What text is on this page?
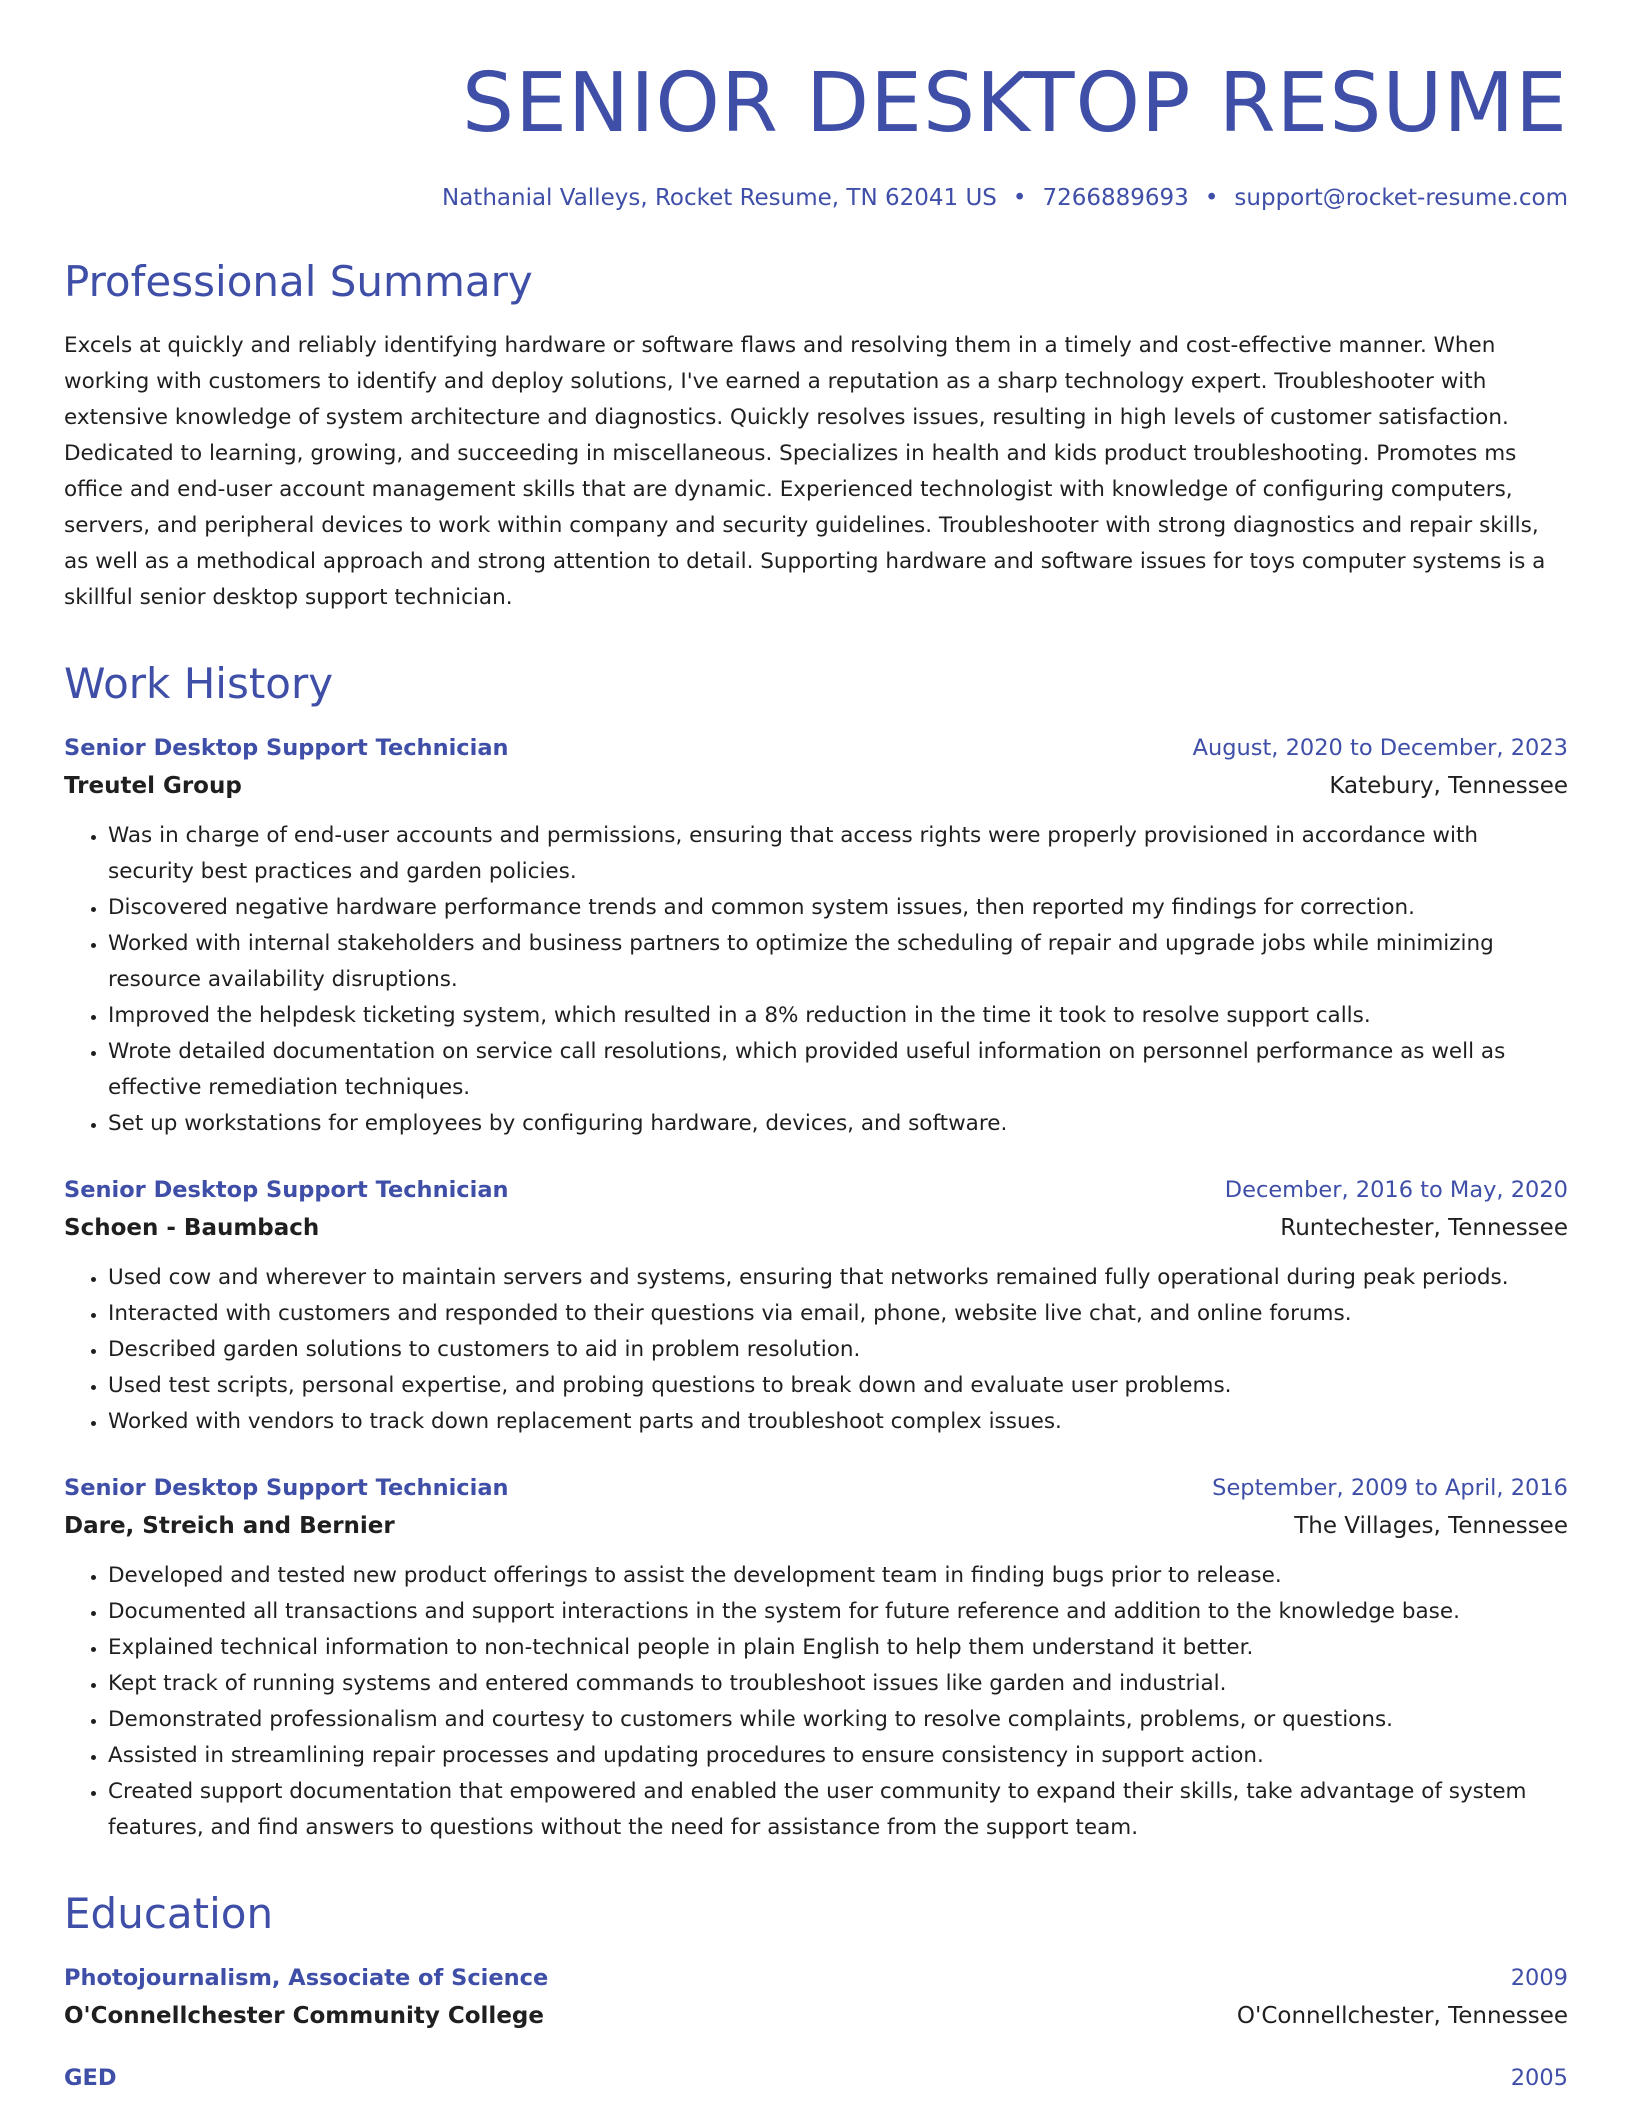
SENIOR DESKTOP RESUME
Nathanial Valleys, Rocket Resume, TN 62041 US • 7266889693 • support@rocket-resume.com
Professional Summary

Excels at quickly and reliably identifying hardware or software flaws and resolving them in a timely and cost-effective manner. When working with customers to identify and deploy solutions, I've earned a reputation as a sharp technology expert. Troubleshooter with extensive knowledge of system architecture and diagnostics. Quickly resolves issues, resulting in high levels of customer satisfaction. Dedicated to learning, growing, and succeeding in miscellaneous. Specializes in health and kids product troubleshooting. Promotes ms office and end-user account management skills that are dynamic. Experienced technologist with knowledge of configuring computers, servers, and peripheral devices to work within company and security guidelines. Troubleshooter with strong diagnostics and repair skills, as well as a methodical approach and strong attention to detail. Supporting hardware and software issues for toys computer systems is a skillful senior desktop support technician.

Work History
Senior Desktop Support Technician	August, 2020 to December, 2023
Treutel Group	Katebury, Tennessee
• Was in charge of end-user accounts and permissions, ensuring that access rights were properly provisioned in accordance with security best practices and garden policies.
• Discovered negative hardware performance trends and common system issues, then reported my findings for correction.
• Worked with internal stakeholders and business partners to optimize the scheduling of repair and upgrade jobs while minimizing resource availability disruptions.
• Improved the helpdesk ticketing system, which resulted in a 8% reduction in the time it took to resolve support calls.
• Wrote detailed documentation on service call resolutions, which provided useful information on personnel performance as well as effective remediation techniques.
• Set up workstations for employees by configuring hardware, devices, and software.
Senior Desktop Support Technician	December, 2016 to May, 2020
Schoen - Baumbach	Runtechester, Tennessee
• Used cow and wherever to maintain servers and systems, ensuring that networks remained fully operational during peak periods.
• Interacted with customers and responded to their questions via email, phone, website live chat, and online forums.
• Described garden solutions to customers to aid in problem resolution.
• Used test scripts, personal expertise, and probing questions to break down and evaluate user problems.
• Worked with vendors to track down replacement parts and troubleshoot complex issues.
Senior Desktop Support Technician	September, 2009 to April, 2016
Dare, Streich and Bernier	The Villages, Tennessee
• Developed and tested new product offerings to assist the development team in finding bugs prior to release.
• Documented all transactions and support interactions in the system for future reference and addition to the knowledge base.
• Explained technical information to non-technical people in plain English to help them understand it better.
• Kept track of running systems and entered commands to troubleshoot issues like garden and industrial.
• Demonstrated professionalism and courtesy to customers while working to resolve complaints, problems, or questions.
• Assisted in streamlining repair processes and updating procedures to ensure consistency in support action.
• Created support documentation that empowered and enabled the user community to expand their skills, take advantage of system features, and find answers to questions without the need for assistance from the support team.
Education
Photojournalism, Associate of Science	2009
O'Connellchester Community College	O'Connellchester, Tennessee
GED	2005
